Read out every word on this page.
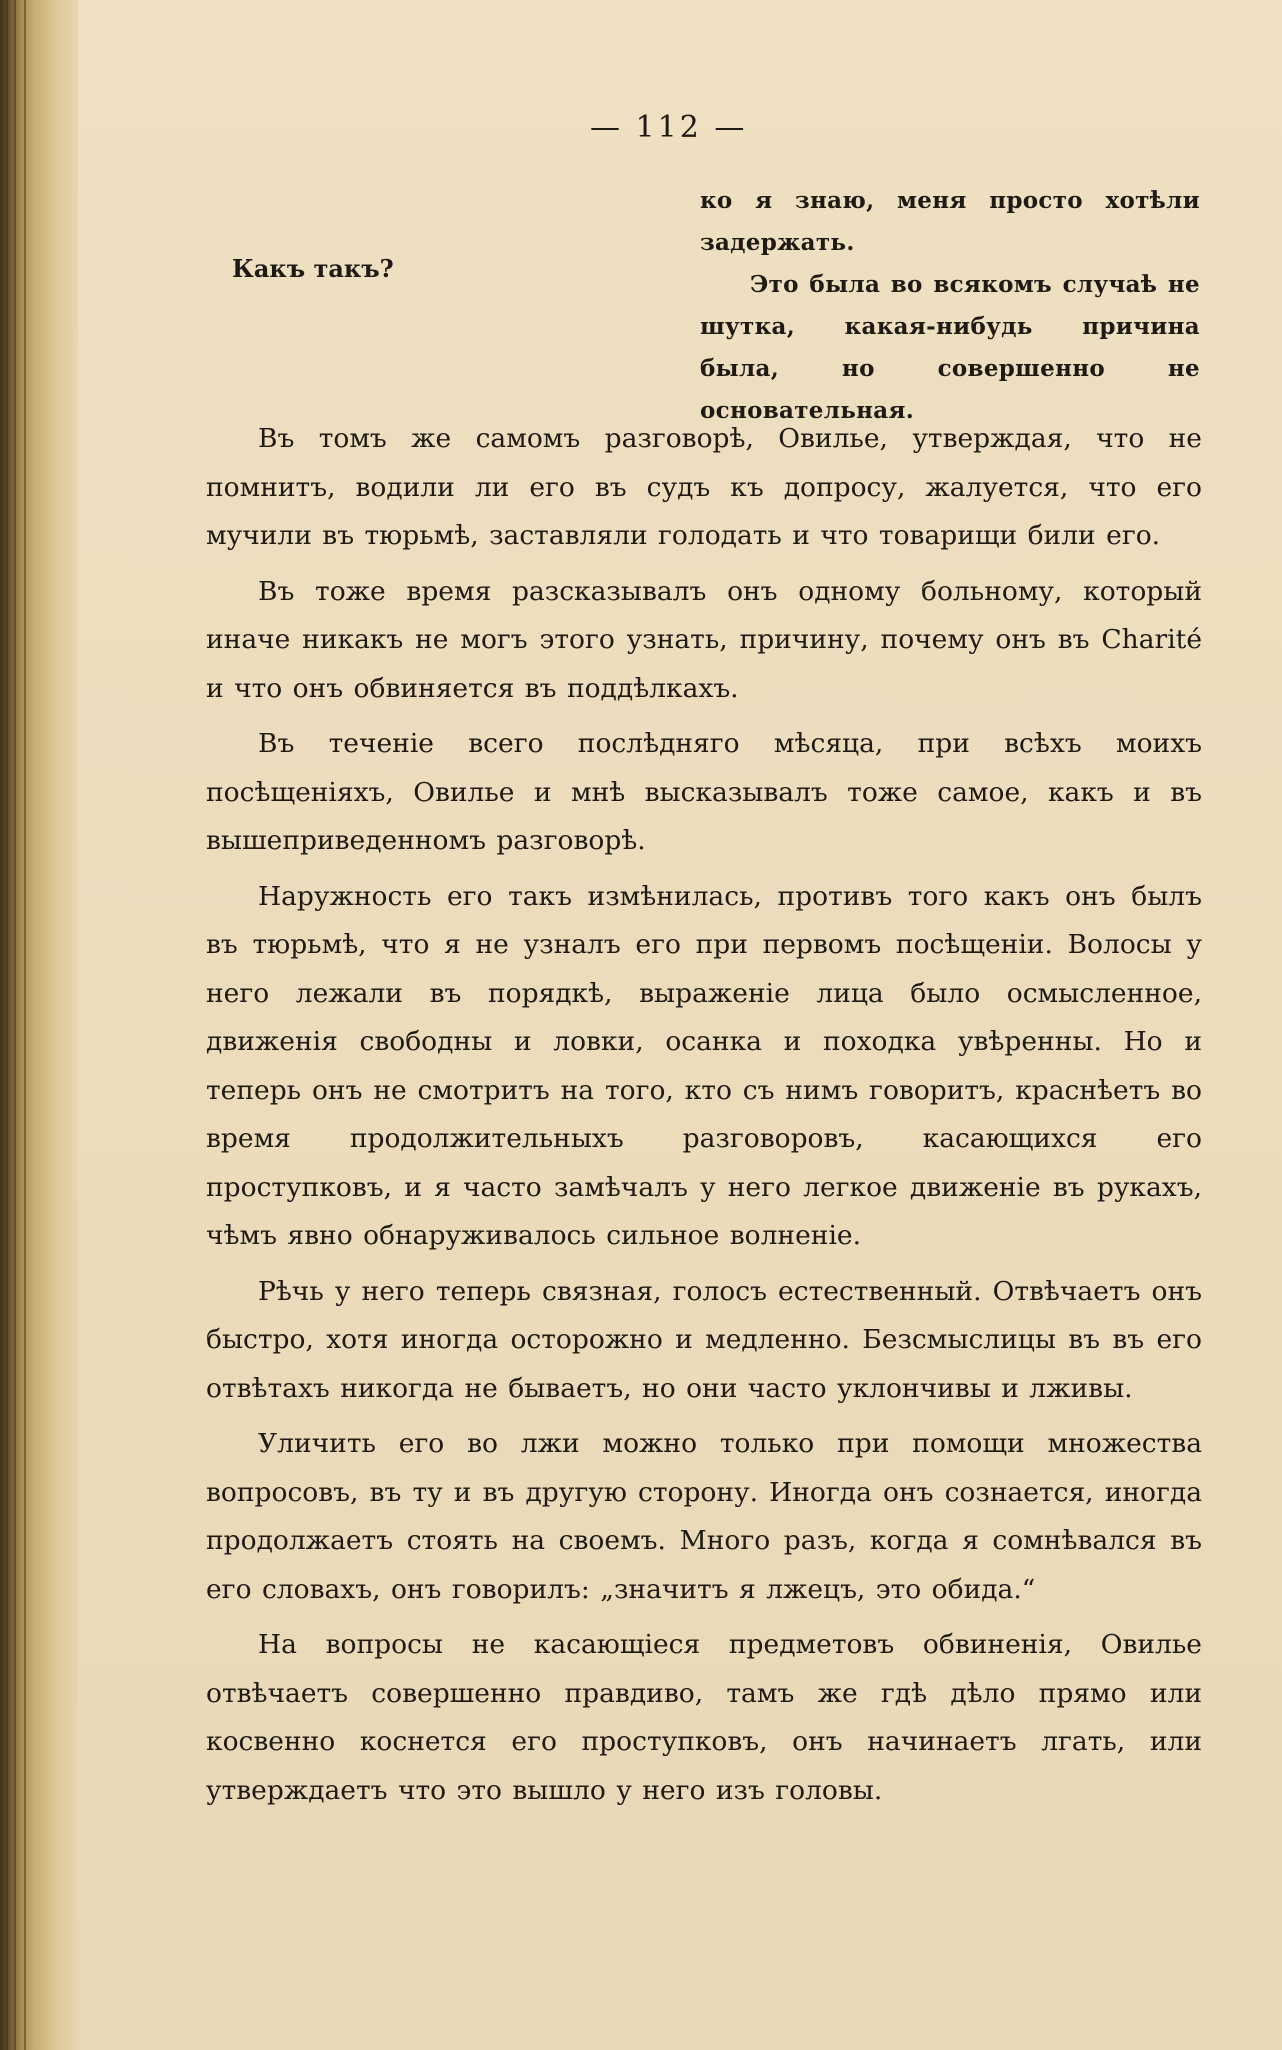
— 112 —
Какъ такъ?

ко я знаю, меня просто хотѣли задержать.

Это была во всякомъ случаѣ не шутка, какая-нибудь причина была, но совершенно не основательная.

Въ томъ же самомъ разговорѣ, Овилье, утверждая, что не помнитъ, водили ли его въ судъ къ допросу, жалуется, что его мучили въ тюрьмѣ, заставляли голодать и что товарищи били его.

Въ тоже время разсказывалъ онъ одному больному, который иначе никакъ не могъ этого узнать, причину, почему онъ въ Charité и что онъ обвиняется въ поддѣлкахъ.

Въ теченіе всего послѣдняго мѣсяца, при всѣхъ моихъ посѣщеніяхъ, Овилье и мнѣ высказывалъ тоже самое, какъ и въ вышеприведенномъ разговорѣ.

Наружность его такъ измѣнилась, противъ того какъ онъ былъ въ тюрьмѣ, что я не узналъ его при первомъ посѣщеніи. Волосы у него лежали въ порядкѣ, выраженіе лица было осмысленное, движенія свободны и ловки, осанка и походка увѣренны. Но и теперь онъ не смотритъ на того, кто съ нимъ говоритъ, краснѣетъ во время продолжительныхъ разговоровъ, касающихся его проступковъ, и я часто замѣчалъ у него легкое движеніе въ рукахъ, чѣмъ явно обнаруживалось сильное волненіе.

Рѣчь у него теперь связная, голосъ естественный. Отвѣчаетъ онъ быстро, хотя иногда осторожно и медленно. Безсмыслицы въ въ его отвѣтахъ никогда не бываетъ, но они часто уклончивы и лживы.

Уличить его во лжи можно только при помощи множества вопросовъ, въ ту и въ другую сторону. Иногда онъ сознается, иногда продолжаетъ стоять на своемъ. Много разъ, когда я сомнѣвался въ его словахъ, онъ говорилъ: „значитъ я лжецъ, это обида.“

На вопросы не касающіеся предметовъ обвиненія, Овилье отвѣчаетъ совершенно правдиво, тамъ же гдѣ дѣло прямо или косвенно коснется его проступковъ, онъ начинаетъ лгать, или утверждаетъ что это вышло у него изъ головы.
